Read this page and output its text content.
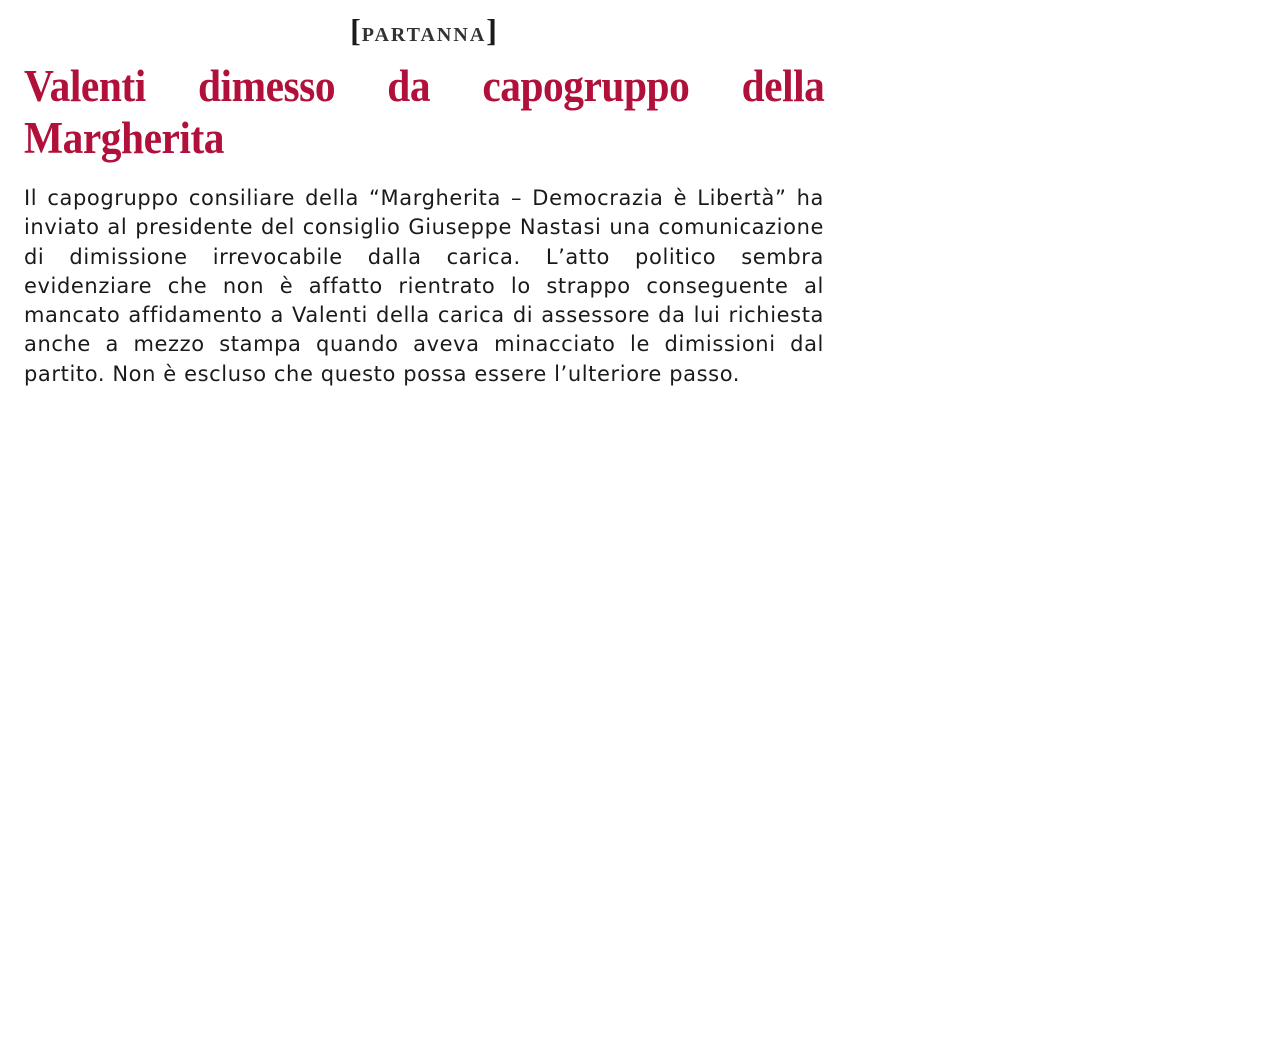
[partanna]
Valenti dimesso da capogruppo della Margherita

Il capogruppo consiliare della “Margherita – Democrazia è Libertà” ha inviato al presidente del consiglio Giuseppe Nastasi una comunicazione di dimissione irrevocabile dalla carica. L’atto politico sembra evidenziare che non è affatto rientrato lo strappo conseguente al mancato affidamento a Valenti della carica di assessore da lui richiesta anche a mezzo stampa quando aveva minacciato le dimissioni dal partito. Non è escluso che questo possa essere l’ulteriore passo.
